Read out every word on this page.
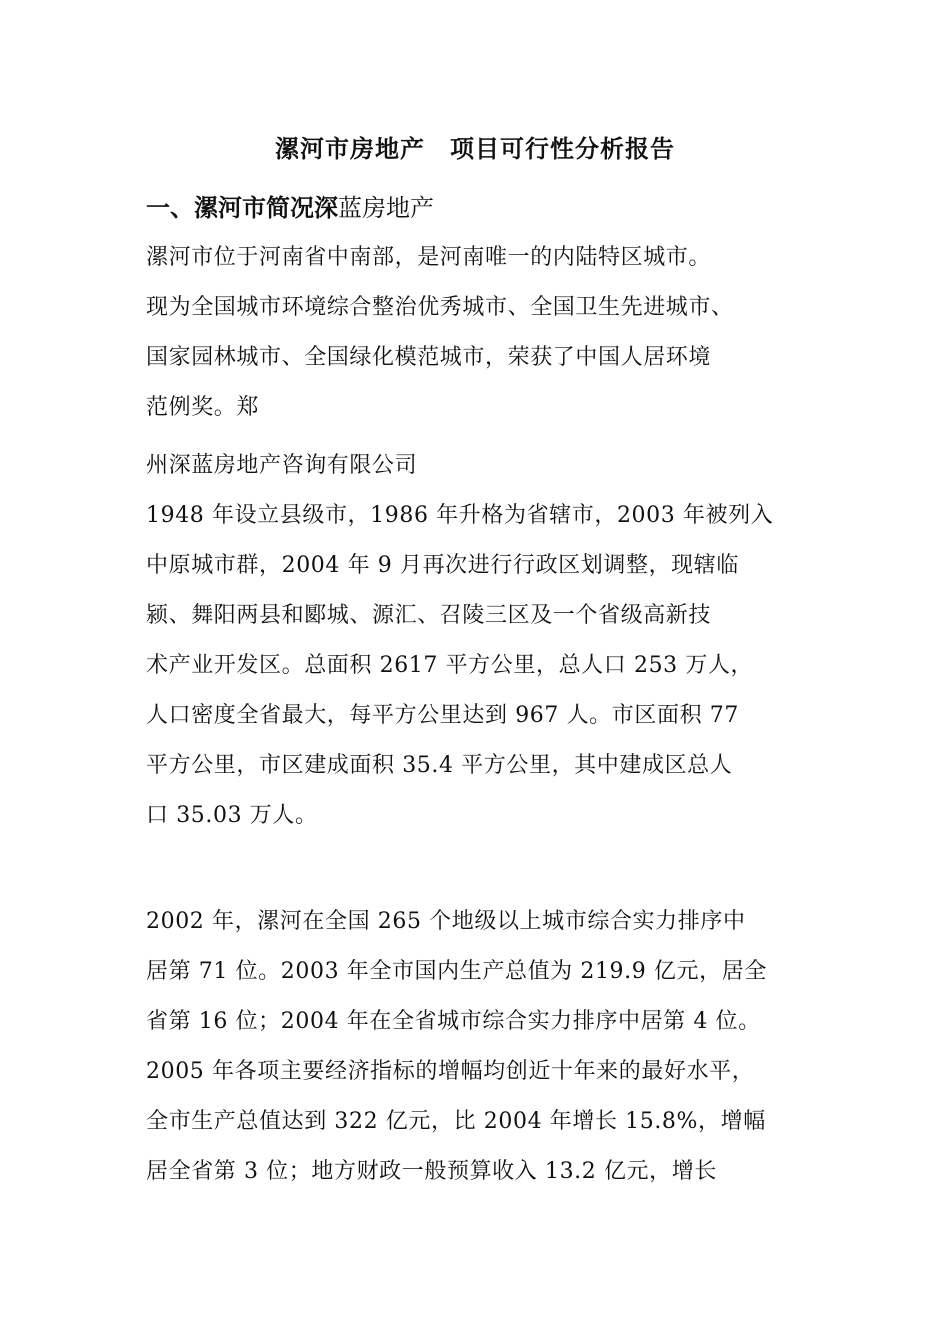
漯河市房地产　项目可行性分析报告
一、漯河市简况深蓝房地产
漯河市位于河南省中南部，是河南唯一的内陆特区城市。
现为全国城市环境综合整治优秀城市、全国卫生先进城市、
国家园林城市、全国绿化模范城市，荣获了中国人居环境
范例奖。郑
州深蓝房地产咨询有限公司
1948 年设立县级市，1986 年升格为省辖市，2003 年被列入
中原城市群，2004 年 9 月再次进行行政区划调整，现辖临
颍、舞阳两县和郾城、源汇、召陵三区及一个省级高新技
术产业开发区。总面积 2617 平方公里，总人口 253 万人，
人口密度全省最大，每平方公里达到 967 人。市区面积 77
平方公里，市区建成面积 35.4 平方公里，其中建成区总人
口 35.03 万人。
2002 年，漯河在全国 265 个地级以上城市综合实力排序中
居第 71 位。2003 年全市国内生产总值为 219.9 亿元，居全
省第 16 位；2004 年在全省城市综合实力排序中居第 4 位。
2005 年各项主要经济指标的增幅均创近十年来的最好水平，
全市生产总值达到 322 亿元，比 2004 年增长 15.8%，增幅
居全省第 3 位；地方财政一般预算收入 13.2 亿元，增长
